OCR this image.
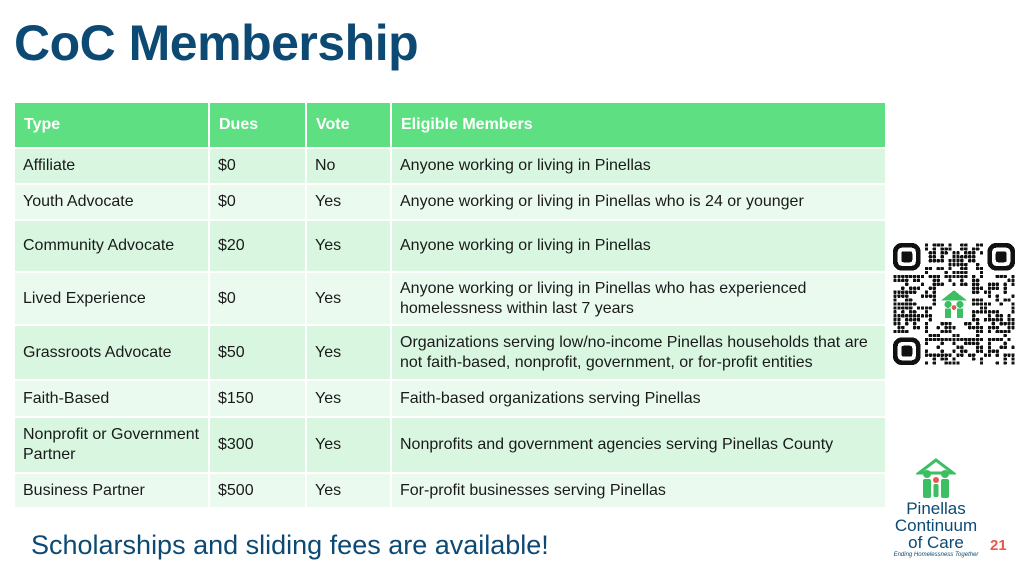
CoC Membership
Type	Dues	Vote	Eligible Members
Affiliate	$0	No	Anyone working or living in Pinellas
Youth Advocate	$0	Yes	Anyone working or living in Pinellas who is 24 or younger
Community Advocate	$20	Yes	Anyone working or living in Pinellas
Lived Experience	$0	Yes	Anyone working or living in Pinellas who has experienced homelessness within last 7 years
Grassroots Advocate	$50	Yes	Organizations serving low/no-income Pinellas households that are not faith-based, nonprofit, government, or for-profit entities
Faith-Based	$150	Yes	Faith-based organizations serving Pinellas
Nonprofit or Government Partner	$300	Yes	Nonprofits and government agencies serving Pinellas County
Business Partner	$500	Yes	For-profit businesses serving Pinellas
Scholarships and sliding fees are available!
Pinellas
Continuum
of Care
Ending Homelessness Together
21
